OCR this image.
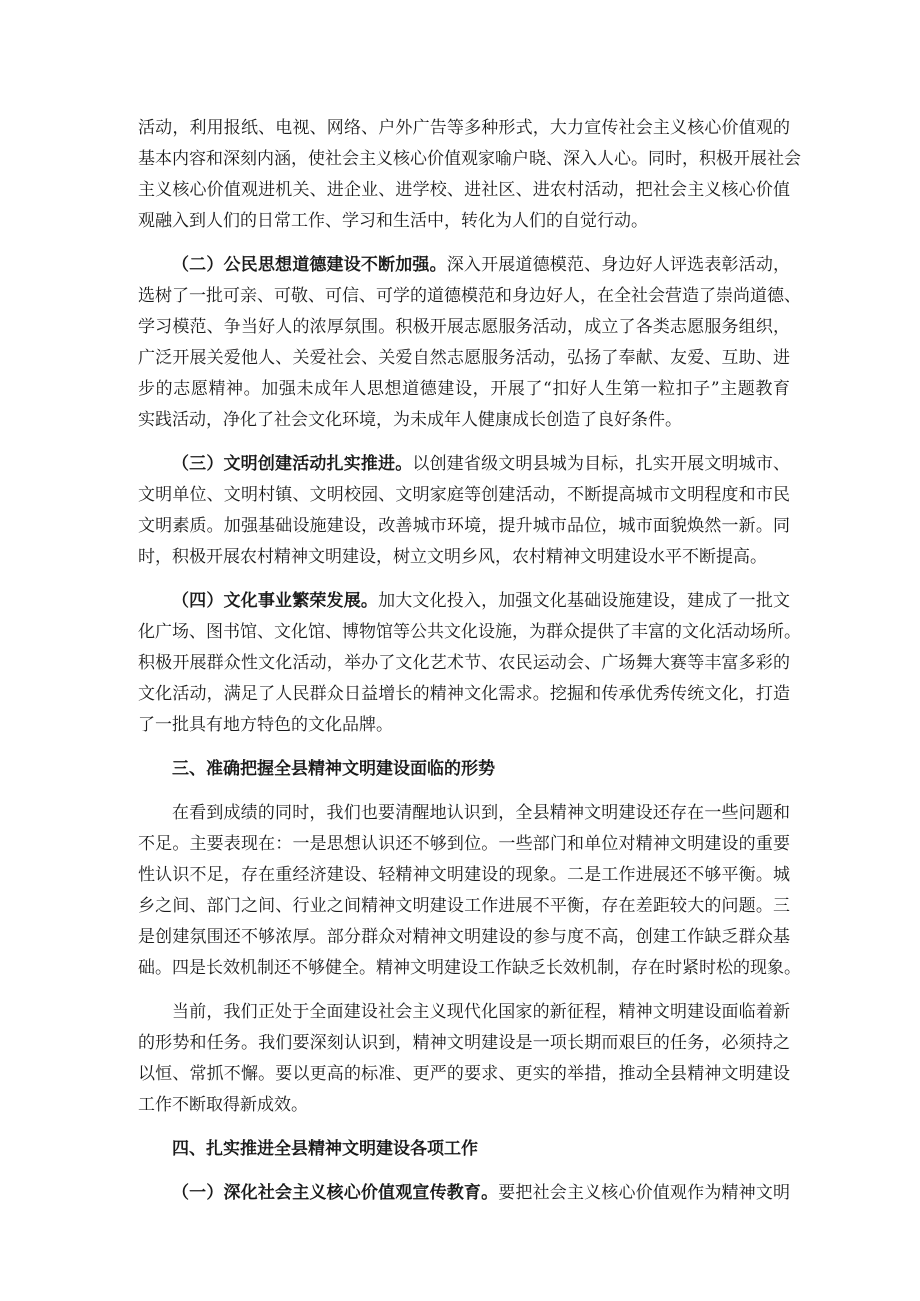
活动，利用报纸、电视、网络、户外广告等多种形式，大力宣传社会主义核心价值观的
基本内容和深刻内涵，使社会主义核心价值观家喻户晓、深入人心。同时，积极开展社会
主义核心价值观进机关、进企业、进学校、进社区、进农村活动，把社会主义核心价值
观融入到人们的日常工作、学习和生活中，转化为人们的自觉行动。
（二）公民思想道德建设不断加强。深入开展道德模范、身边好人评选表彰活动，
选树了一批可亲、可敬、可信、可学的道德模范和身边好人，在全社会营造了崇尚道德、
学习模范、争当好人的浓厚氛围。积极开展志愿服务活动，成立了各类志愿服务组织，
广泛开展关爱他人、关爱社会、关爱自然志愿服务活动，弘扬了奉献、友爱、互助、进
步的志愿精神。加强未成年人思想道德建设，开展了“扣好人生第一粒扣子”主题教育
实践活动，净化了社会文化环境，为未成年人健康成长创造了良好条件。
（三）文明创建活动扎实推进。以创建省级文明县城为目标，扎实开展文明城市、
文明单位、文明村镇、文明校园、文明家庭等创建活动，不断提高城市文明程度和市民
文明素质。加强基础设施建设，改善城市环境，提升城市品位，城市面貌焕然一新。同
时，积极开展农村精神文明建设，树立文明乡风，农村精神文明建设水平不断提高。
（四）文化事业繁荣发展。加大文化投入，加强文化基础设施建设，建成了一批文
化广场、图书馆、文化馆、博物馆等公共文化设施，为群众提供了丰富的文化活动场所。
积极开展群众性文化活动，举办了文化艺术节、农民运动会、广场舞大赛等丰富多彩的
文化活动，满足了人民群众日益增长的精神文化需求。挖掘和传承优秀传统文化，打造
了一批具有地方特色的文化品牌。
三、准确把握全县精神文明建设面临的形势
在看到成绩的同时，我们也要清醒地认识到，全县精神文明建设还存在一些问题和
不足。主要表现在：一是思想认识还不够到位。一些部门和单位对精神文明建设的重要
性认识不足，存在重经济建设、轻精神文明建设的现象。二是工作进展还不够平衡。城
乡之间、部门之间、行业之间精神文明建设工作进展不平衡，存在差距较大的问题。三
是创建氛围还不够浓厚。部分群众对精神文明建设的参与度不高，创建工作缺乏群众基
础。四是长效机制还不够健全。精神文明建设工作缺乏长效机制，存在时紧时松的现象。
当前，我们正处于全面建设社会主义现代化国家的新征程，精神文明建设面临着新
的形势和任务。我们要深刻认识到，精神文明建设是一项长期而艰巨的任务，必须持之
以恒、常抓不懈。要以更高的标准、更严的要求、更实的举措，推动全县精神文明建设
工作不断取得新成效。
四、扎实推进全县精神文明建设各项工作
（一）深化社会主义核心价值观宣传教育。要把社会主义核心价值观作为精神文明
